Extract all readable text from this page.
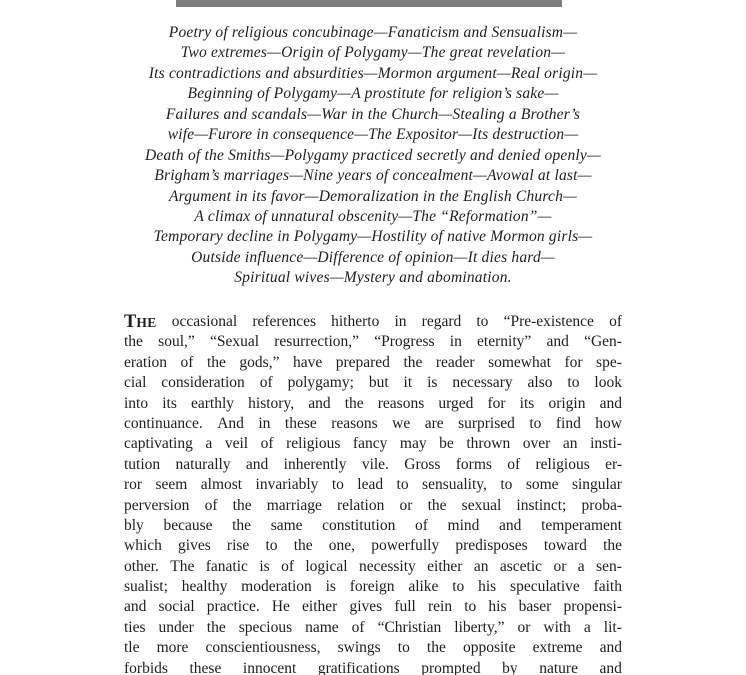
Poetry of religious concubinage—Fanaticism and Sensualism—
Two extremes—Origin of Polygamy—The great revelation—
Its contradictions and absurdities—Mormon argument—Real origin—
Beginning of Polygamy—A prostitute for religion’s sake—
Failures and scandals—War in the Church—Stealing a Brother’s
wife—Furore in consequence—The Expositor—Its destruction—
Death of the Smiths—Polygamy practiced secretly and denied openly—
Brigham’s marriages—Nine years of concealment—Avowal at last—
Argument in its favor—Demoralization in the English Church—
A climax of unnatural obscenity—The “Reformation”—
Temporary decline in Polygamy—Hostility of native Mormon girls—
Outside influence—Difference of opinion—It dies hard—
Spiritual wives—Mystery and abomination.
THE occasional references hitherto in regard to “Pre-existence of
the soul,” “Sexual resurrection,” “Progress in eternity” and “Gen-
eration of the gods,” have prepared the reader somewhat for spe-
cial consideration of polygamy; but it is necessary also to look
into its earthly history, and the reasons urged for its origin and
continuance. And in these reasons we are surprised to find how
captivating a veil of religious fancy may be thrown over an insti-
tution naturally and inherently vile. Gross forms of religious er-
ror seem almost invariably to lead to sensuality, to some singular
perversion of the marriage relation or the sexual instinct; proba-
bly because the same constitution of mind and temperament
which gives rise to the one, powerfully predisposes toward the
other. The fanatic is of logical necessity either an ascetic or a sen-
sualist; healthy moderation is foreign alike to his speculative faith
and social practice. He either gives full rein to his baser propensi-
ties under the specious name of “Christian liberty,” or with a lit-
tle more conscientiousness, swings to the opposite extreme and
forbids these innocent gratifications prompted by nature and
